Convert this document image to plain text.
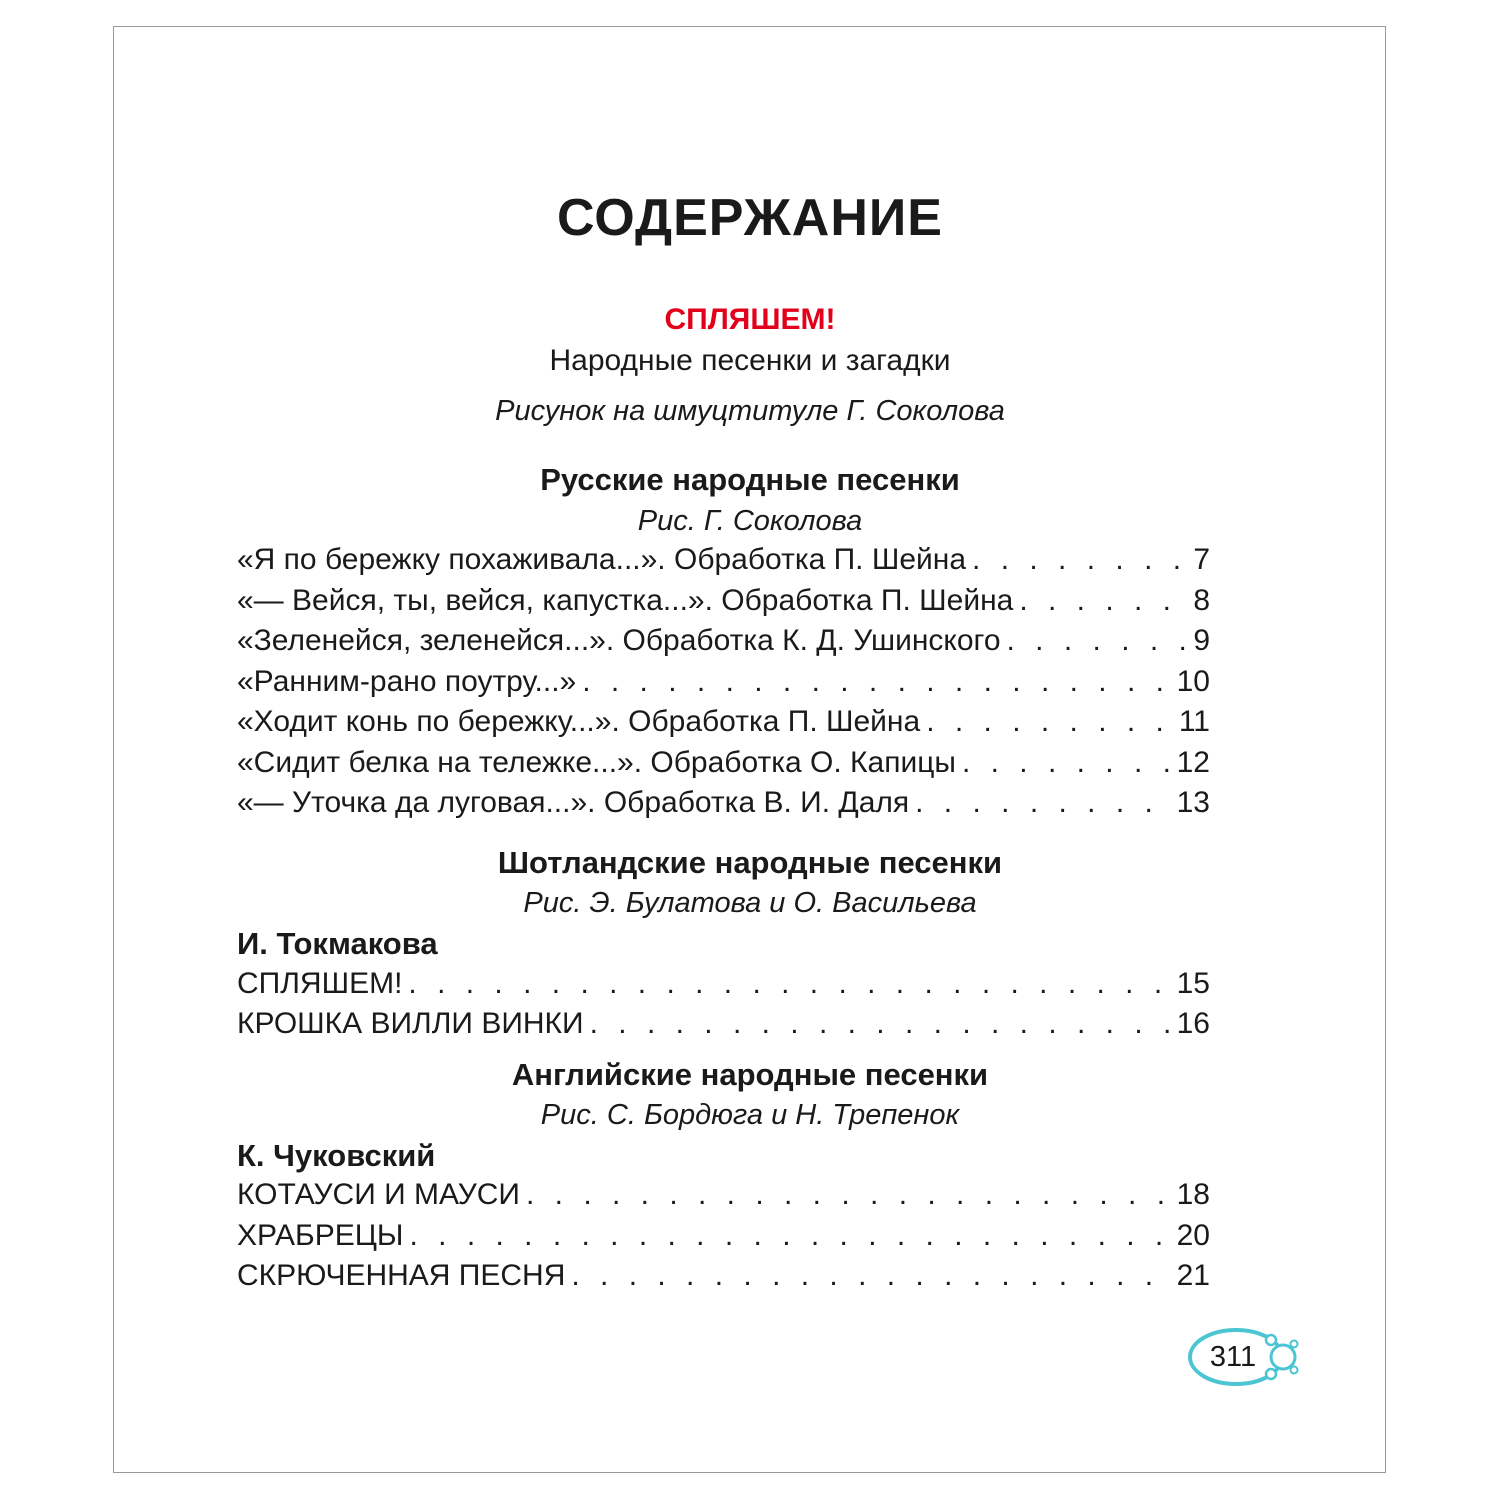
СОДЕРЖАНИЕ
СПЛЯШЕМ!
Народные песенки и загадки
Рисунок на шмуцтитуле Г. Соколова
Русские народные песенки
Рис. Г. Соколова
«Я по бережку похаживала...». Обработка П. Шейна . . .	7
«— Вейся, ты, вейся, капустка...». Обработка П. Шейна . . .	8
«Зеленейся, зеленейся...». Обработка К. Д. Ушинского . . .	9
«Ранним-рано поутру...» . . .	10
«Ходит конь по бережку...». Обработка П. Шейна . . .	11
«Сидит белка на тележке...». Обработка О. Капицы . . .	12
«— Уточка да луговая...». Обработка В. И. Даля . . .	13
Шотландские народные песенки
Рис. Э. Булатова и О. Васильева
И. Токмакова
СПЛЯШЕМ! . . .	15
КРОШКА ВИЛЛИ ВИНКИ . . .	16
Английские народные песенки
Рис. С. Бордюга и Н. Трепенок
К. Чуковский
КОТАУСИ И МАУСИ . . .	18
ХРАБРЕЦЫ . . .	20
СКРЮЧЕННАЯ ПЕСНЯ . . .	21
311
